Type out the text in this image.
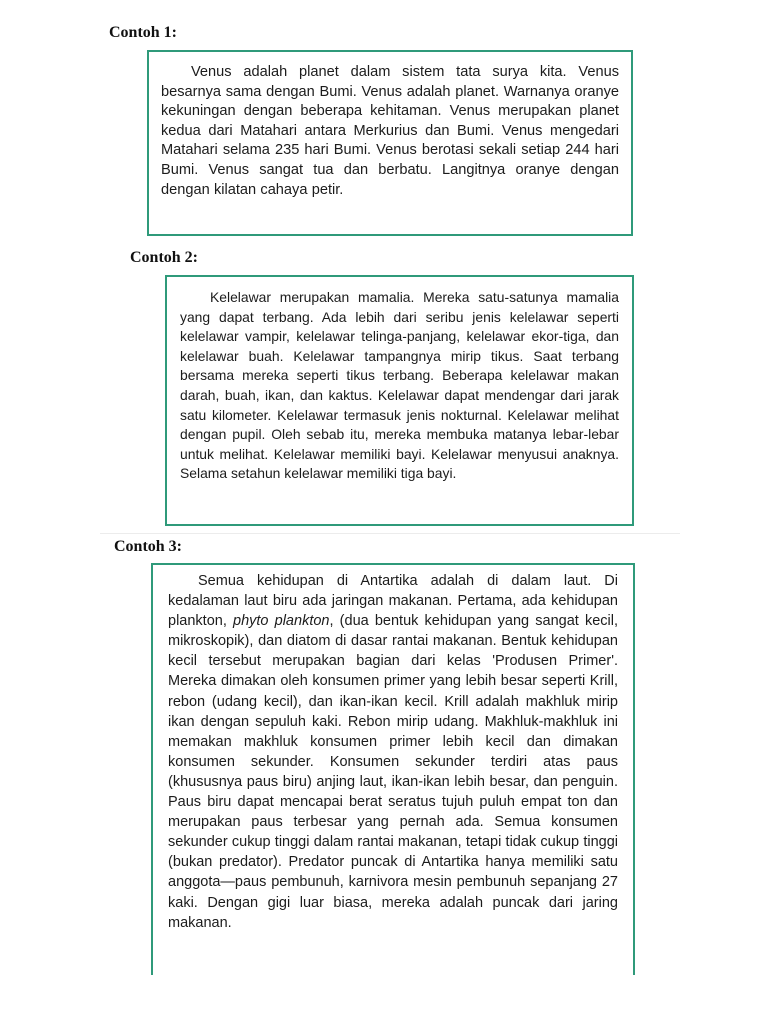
Contoh 1:

Venus adalah planet dalam sistem tata surya kita. Venus besarnya sama dengan Bumi. Venus adalah planet. Warnanya oranye kekuningan dengan beberapa kehitaman. Venus merupakan planet kedua dari Matahari antara Merkurius dan Bumi. Venus mengedari Matahari selama 235 hari Bumi. Venus berotasi sekali setiap 244 hari Bumi. Venus sangat tua dan berbatu. Langitnya oranye dengan dengan kilatan cahaya petir.

Contoh 2:

Kelelawar merupakan mamalia. Mereka satu-satunya mamalia yang dapat terbang. Ada lebih dari seribu jenis kelelawar seperti kelelawar vampir, kelelawar telinga-panjang, kelelawar ekor-tiga, dan kelelawar buah. Kelelawar tampangnya mirip tikus. Saat terbang bersama mereka seperti tikus terbang. Beberapa kelelawar makan darah, buah, ikan, dan kaktus. Kelelawar dapat mendengar dari jarak satu kilometer. Kelelawar termasuk jenis nokturnal. Kelelawar melihat dengan pupil. Oleh sebab itu, mereka membuka matanya lebar-lebar untuk melihat. Kelelawar memiliki bayi. Kelelawar menyusui anaknya. Selama setahun kelelawar memiliki tiga bayi.

Contoh 3:

Semua kehidupan di Antartika adalah di dalam laut. Di kedalaman laut biru ada jaringan makanan. Pertama, ada kehidupan plankton, phyto plankton, (dua bentuk kehidupan yang sangat kecil, mikroskopik), dan diatom di dasar rantai makanan. Bentuk kehidupan kecil tersebut merupakan bagian dari kelas 'Produsen Primer'. Mereka dimakan oleh konsumen primer yang lebih besar seperti Krill, rebon (udang kecil), dan ikan-ikan kecil. Krill adalah makhluk mirip ikan dengan sepuluh kaki. Rebon mirip udang. Makhluk-makhluk ini memakan makhluk konsumen primer lebih kecil dan dimakan konsumen sekunder. Konsumen sekunder terdiri atas paus (khususnya paus biru) anjing laut, ikan-ikan lebih besar, dan penguin. Paus biru dapat mencapai berat seratus tujuh puluh empat ton dan merupakan paus terbesar yang pernah ada. Semua konsumen sekunder cukup tinggi dalam rantai makanan, tetapi tidak cukup tinggi (bukan predator). Predator puncak di Antartika hanya memiliki satu anggota—paus pembunuh, karnivora mesin pembunuh sepanjang 27 kaki. Dengan gigi luar biasa, mereka adalah puncak dari jaring makanan.
